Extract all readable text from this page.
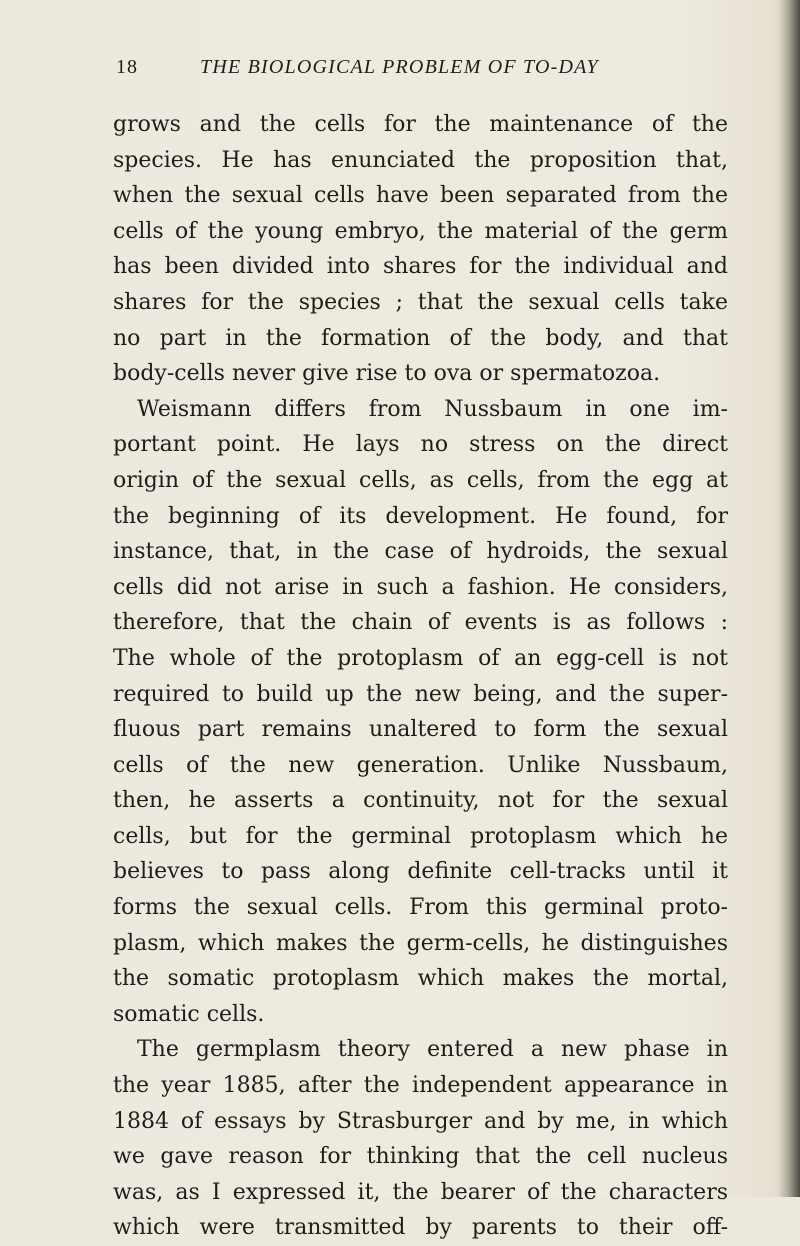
18	THE BIOLOGICAL PROBLEM OF TO-DAY
grows and the cells for the maintenance of the
species. He has enunciated the proposition that,
when the sexual cells have been separated from the
cells of the young embryo, the material of the germ
has been divided into shares for the individual and
shares for the species ; that the sexual cells take
no part in the formation of the body, and that
body-cells never give rise to ova or spermatozoa.
Weismann differs from Nussbaum in one im-
portant point. He lays no stress on the direct
origin of the sexual cells, as cells, from the egg at
the beginning of its development. He found, for
instance, that, in the case of hydroids, the sexual
cells did not arise in such a fashion. He considers,
therefore, that the chain of events is as follows :
The whole of the protoplasm of an egg-cell is not
required to build up the new being, and the super-
fluous part remains unaltered to form the sexual
cells of the new generation. Unlike Nussbaum,
then, he asserts a continuity, not for the sexual
cells, but for the germinal protoplasm which he
believes to pass along definite cell-tracks until it
forms the sexual cells. From this germinal proto-
plasm, which makes the germ-cells, he distinguishes
the somatic protoplasm which makes the mortal,
somatic cells.
The germplasm theory entered a new phase in
the year 1885, after the independent appearance in
1884 of essays by Strasburger and by me, in which
we gave reason for thinking that the cell nucleus
was, as I expressed it, the bearer of the characters
which were transmitted by parents to their off-
